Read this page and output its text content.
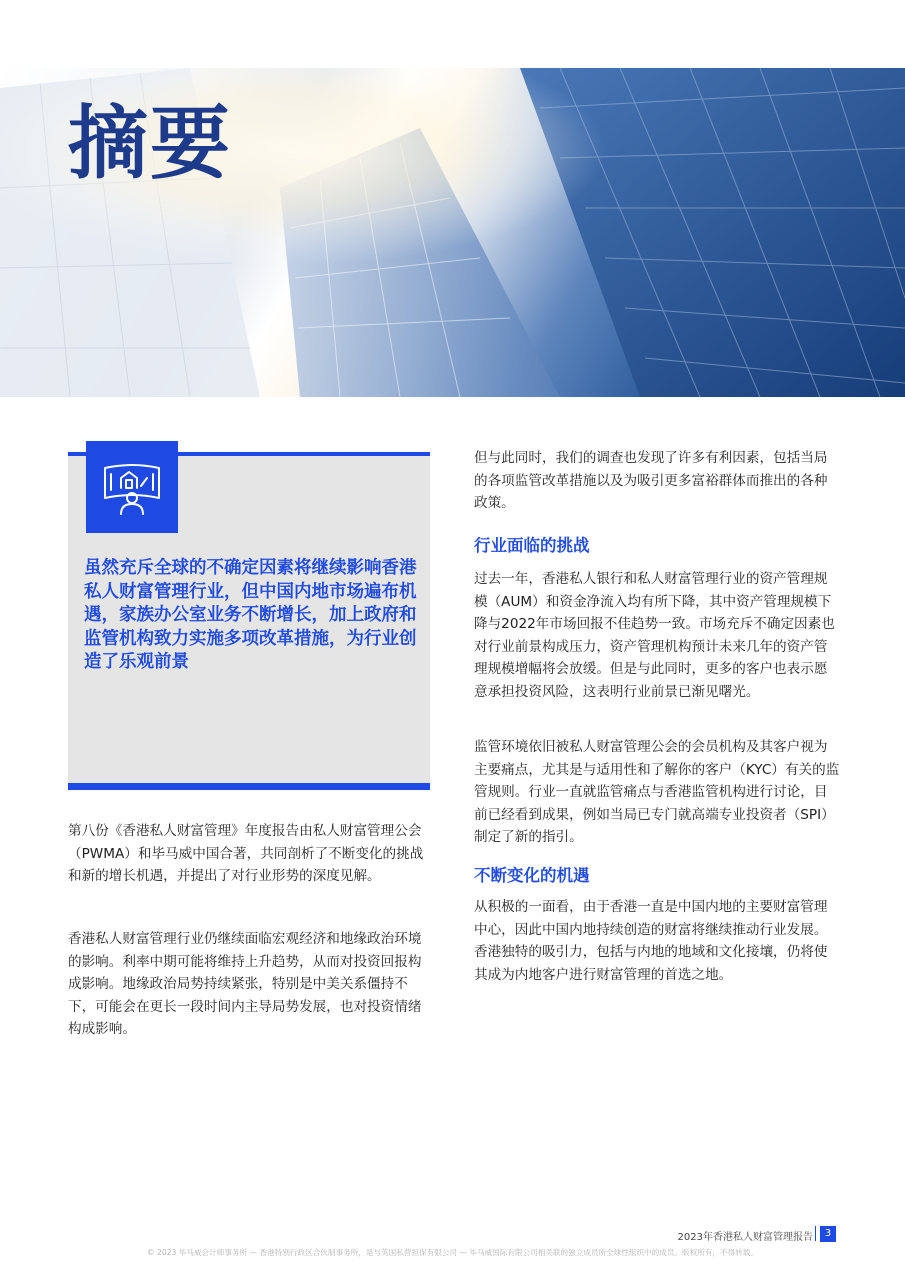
摘要
虽然充斥全球的不确定因素将继续影响香港私人财富管理行业，但中国内地市场遍布机遇，家族办公室业务不断增长，加上政府和监管机构致力实施多项改革措施，为行业创造了乐观前景

第八份《香港私人财富管理》年度报告由私人财富管理公会（PWMA）和毕马威中国合著，共同剖析了不断变化的挑战和新的增长机遇，并提出了对行业形势的深度见解。

香港私人财富管理行业仍继续面临宏观经济和地缘政治环境的影响。利率中期可能将维持上升趋势，从而对投资回报构成影响。地缘政治局势持续紧张，特别是中美关系僵持不下，可能会在更长一段时间内主导局势发展，也对投资情绪构成影响。

但与此同时，我们的调查也发现了许多有利因素，包括当局的各项监管改革措施以及为吸引更多富裕群体而推出的各种政策。

行业面临的挑战

过去一年，香港私人银行和私人财富管理行业的资产管理规模（AUM）和资金净流入均有所下降，其中资产管理规模下降与2022年市场回报不佳趋势一致。市场充斥不确定因素也对行业前景构成压力，资产管理机构预计未来几年的资产管理规模增幅将会放缓。但是与此同时，更多的客户也表示愿意承担投资风险，这表明行业前景已渐见曙光。

监管环境依旧被私人财富管理公会的会员机构及其客户视为主要痛点，尤其是与适用性和了解你的客户（KYC）有关的监管规则。行业一直就监管痛点与香港监管机构进行讨论，目前已经看到成果，例如当局已专门就高端专业投资者（SPI）制定了新的指引。

不断变化的机遇

从积极的一面看，由于香港一直是中国内地的主要财富管理中心，因此中国内地持续创造的财富将继续推动行业发展。香港独特的吸引力，包括与内地的地域和文化接壤，仍将使其成为内地客户进行财富管理的首选之地。

2023年香港私人财富管理报告	3
© 2023 毕马威会计师事务所 — 香港特别行政区合伙制事务所，是与英国私营担保有限公司 — 毕马威国际有限公司相关联的独立成员所全球性组织中的成员。版权所有，不得转载。
